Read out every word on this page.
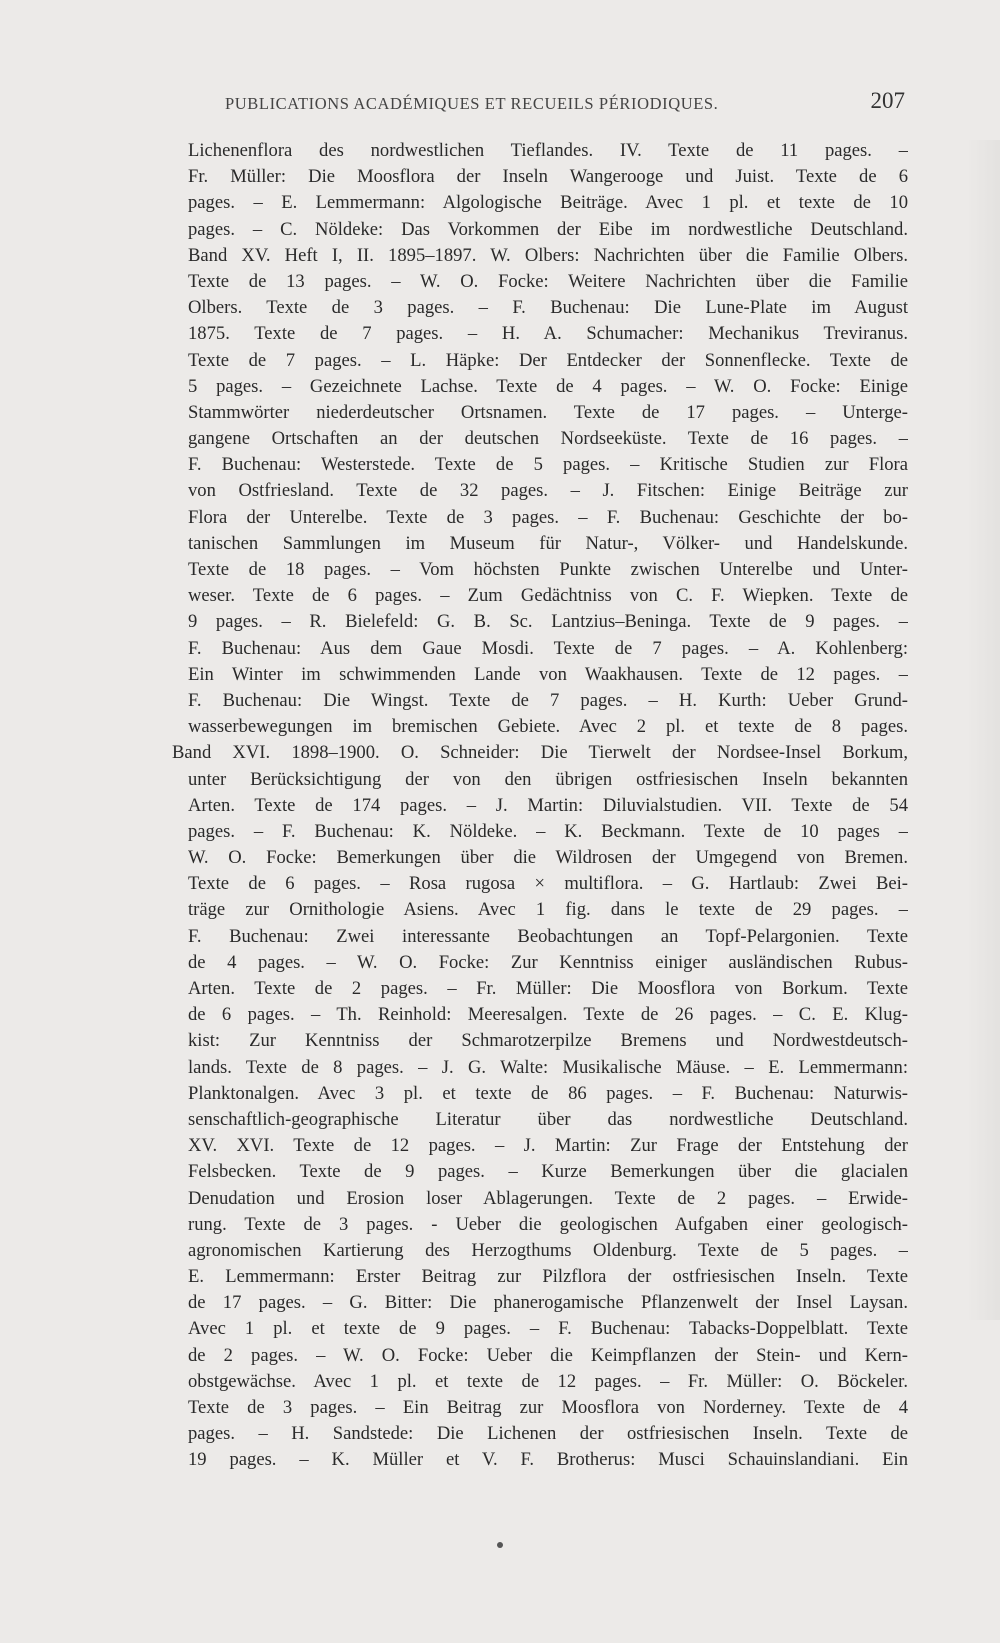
PUBLICATIONS ACADÉMIQUES ET RECUEILS PÉRIODIQUES.	207
Lichenenflora des nordwestlichen Tieflandes. IV. Texte de 11 pages. –
Fr. Müller: Die Moosflora der Inseln Wangerooge und Juist. Texte de 6
pages. – E. Lemmermann: Algologische Beiträge. Avec 1 pl. et texte de 10
pages. – C. Nöldeke: Das Vorkommen der Eibe im nordwestliche Deutschland.
Band XV. Heft I, II. 1895–1897. W. Olbers: Nachrichten über die Familie Olbers.
Texte de 13 pages. – W. O. Focke: Weitere Nachrichten über die Familie
Olbers. Texte de 3 pages. – F. Buchenau: Die Lune-Plate im August
1875. Texte de 7 pages. – H. A. Schumacher: Mechanikus Treviranus.
Texte de 7 pages. – L. Häpke: Der Entdecker der Sonnenflecke. Texte de
5 pages. – Gezeichnete Lachse. Texte de 4 pages. – W. O. Focke: Einige
Stammwörter niederdeutscher Ortsnamen. Texte de 17 pages. – Unterge-
gangene Ortschaften an der deutschen Nordseeküste. Texte de 16 pages. –
F. Buchenau: Westerstede. Texte de 5 pages. – Kritische Studien zur Flora
von Ostfriesland. Texte de 32 pages. – J. Fitschen: Einige Beiträge zur
Flora der Unterelbe. Texte de 3 pages. – F. Buchenau: Geschichte der bo-
tanischen Sammlungen im Museum für Natur-, Völker- und Handelskunde.
Texte de 18 pages. – Vom höchsten Punkte zwischen Unterelbe und Unter-
weser. Texte de 6 pages. – Zum Gedächtniss von C. F. Wiepken. Texte de
9 pages. – R. Bielefeld: G. B. Sc. Lantzius–Beninga. Texte de 9 pages. –
F. Buchenau: Aus dem Gaue Mosdi. Texte de 7 pages. – A. Kohlenberg:
Ein Winter im schwimmenden Lande von Waakhausen. Texte de 12 pages. –
F. Buchenau: Die Wingst. Texte de 7 pages. – H. Kurth: Ueber Grund-
wasserbewegungen im bremischen Gebiete. Avec 2 pl. et texte de 8 pages.
Band XVI. 1898–1900. O. Schneider: Die Tierwelt der Nordsee-Insel Borkum,
unter Berücksichtigung der von den übrigen ostfriesischen Inseln bekannten
Arten. Texte de 174 pages. – J. Martin: Diluvialstudien. VII. Texte de 54
pages. – F. Buchenau: K. Nöldeke. – K. Beckmann. Texte de 10 pages –
W. O. Focke: Bemerkungen über die Wildrosen der Umgegend von Bremen.
Texte de 6 pages. – Rosa rugosa × multiflora. – G. Hartlaub: Zwei Bei-
träge zur Ornithologie Asiens. Avec 1 fig. dans le texte de 29 pages. –
F. Buchenau: Zwei interessante Beobachtungen an Topf-Pelargonien. Texte
de 4 pages. – W. O. Focke: Zur Kenntniss einiger ausländischen Rubus-
Arten. Texte de 2 pages. – Fr. Müller: Die Moosflora von Borkum. Texte
de 6 pages. – Th. Reinhold: Meeresalgen. Texte de 26 pages. – C. E. Klug-
kist: Zur Kenntniss der Schmarotzerpilze Bremens und Nordwestdeutsch-
lands. Texte de 8 pages. – J. G. Walte: Musikalische Mäuse. – E. Lemmermann:
Planktonalgen. Avec 3 pl. et texte de 86 pages. – F. Buchenau: Naturwis-
senschaftlich-geographische Literatur über das nordwestliche Deutschland.
XV. XVI. Texte de 12 pages. – J. Martin: Zur Frage der Entstehung der
Felsbecken. Texte de 9 pages. – Kurze Bemerkungen über die glacialen
Denudation und Erosion loser Ablagerungen. Texte de 2 pages. – Erwide-
rung. Texte de 3 pages. - Ueber die geologischen Aufgaben einer geologisch-
agronomischen Kartierung des Herzogthums Oldenburg. Texte de 5 pages. –
E. Lemmermann: Erster Beitrag zur Pilzflora der ostfriesischen Inseln. Texte
de 17 pages. – G. Bitter: Die phanerogamische Pflanzenwelt der Insel Laysan.
Avec 1 pl. et texte de 9 pages. – F. Buchenau: Tabacks-Doppelblatt. Texte
de 2 pages. – W. O. Focke: Ueber die Keimpflanzen der Stein- und Kern-
obstgewächse. Avec 1 pl. et texte de 12 pages. – Fr. Müller: O. Böckeler.
Texte de 3 pages. – Ein Beitrag zur Moosflora von Norderney. Texte de 4
pages. – H. Sandstede: Die Lichenen der ostfriesischen Inseln. Texte de
19 pages. – K. Müller et V. F. Brotherus: Musci Schauinslandiani. Ein
